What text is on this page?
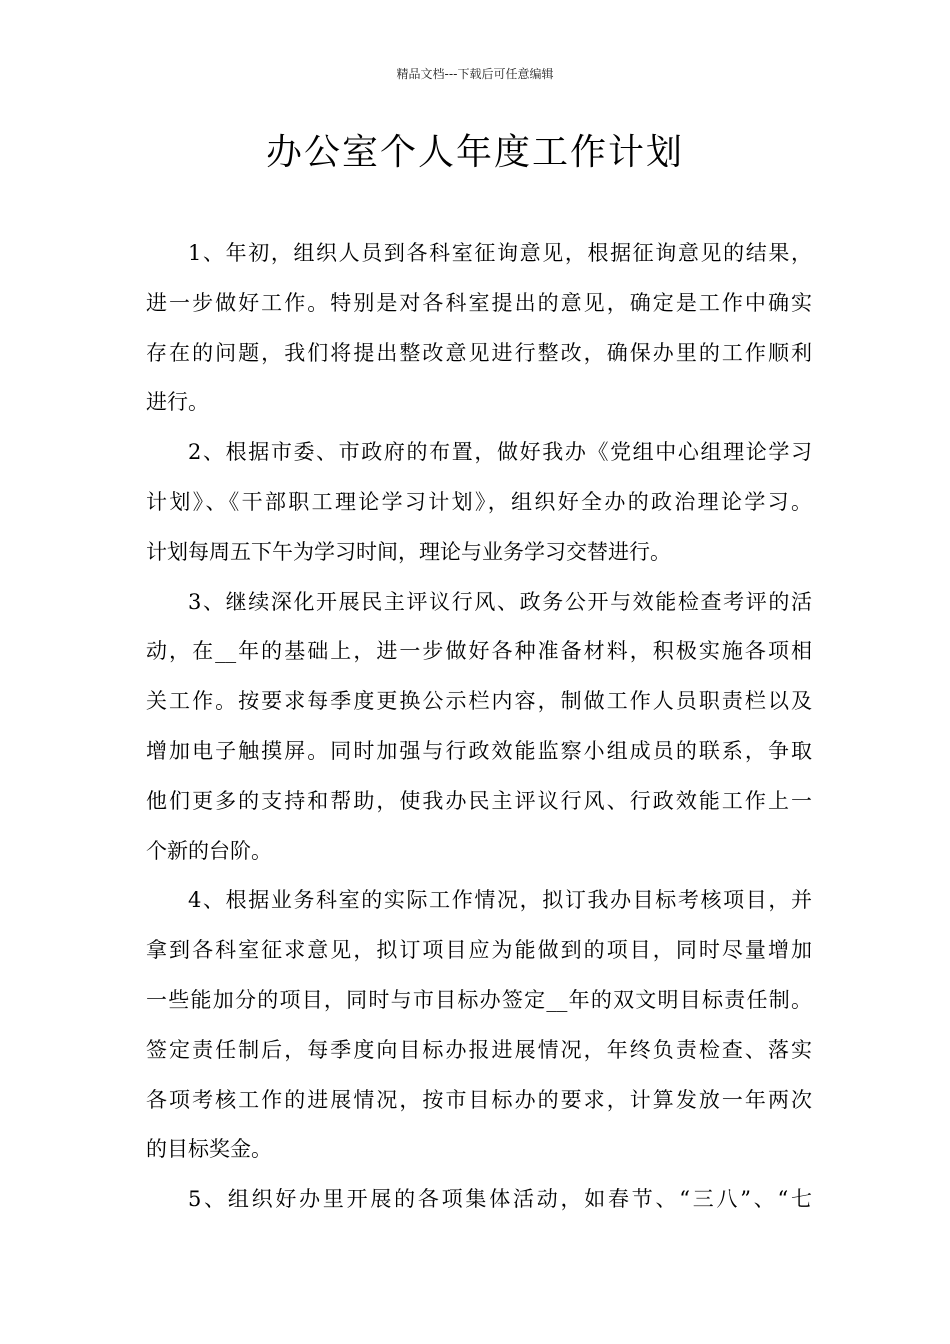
精品文档---下载后可任意编辑
办公室个人年度工作计划
1、年初，组织人员到各科室征询意见，根据征询意见的结果，
进一步做好工作。特别是对各科室提出的意见，确定是工作中确实
存在的问题，我们将提出整改意见进行整改，确保办里的工作顺利
进行。
2、根据市委、市政府的布置，做好我办《党组中心组理论学习
计划》、《干部职工理论学习计划》，组织好全办的政治理论学习。
计划每周五下午为学习时间，理论与业务学习交替进行。
3、继续深化开展民主评议行风、政务公开与效能检查考评的活
动，在__年的基础上，进一步做好各种准备材料，积极实施各项相
关工作。按要求每季度更换公示栏内容，制做工作人员职责栏以及
增加电子触摸屏。同时加强与行政效能监察小组成员的联系，争取
他们更多的支持和帮助，使我办民主评议行风、行政效能工作上一
个新的台阶。
4、根据业务科室的实际工作情况，拟订我办目标考核项目，并
拿到各科室征求意见，拟订项目应为能做到的项目，同时尽量增加
一些能加分的项目，同时与市目标办签定__年的双文明目标责任制。
签定责任制后，每季度向目标办报进展情况，年终负责检查、落实
各项考核工作的进展情况，按市目标办的要求，计算发放一年两次
的目标奖金。
5、组织好办里开展的各项集体活动，如春节、“三八”、“七
